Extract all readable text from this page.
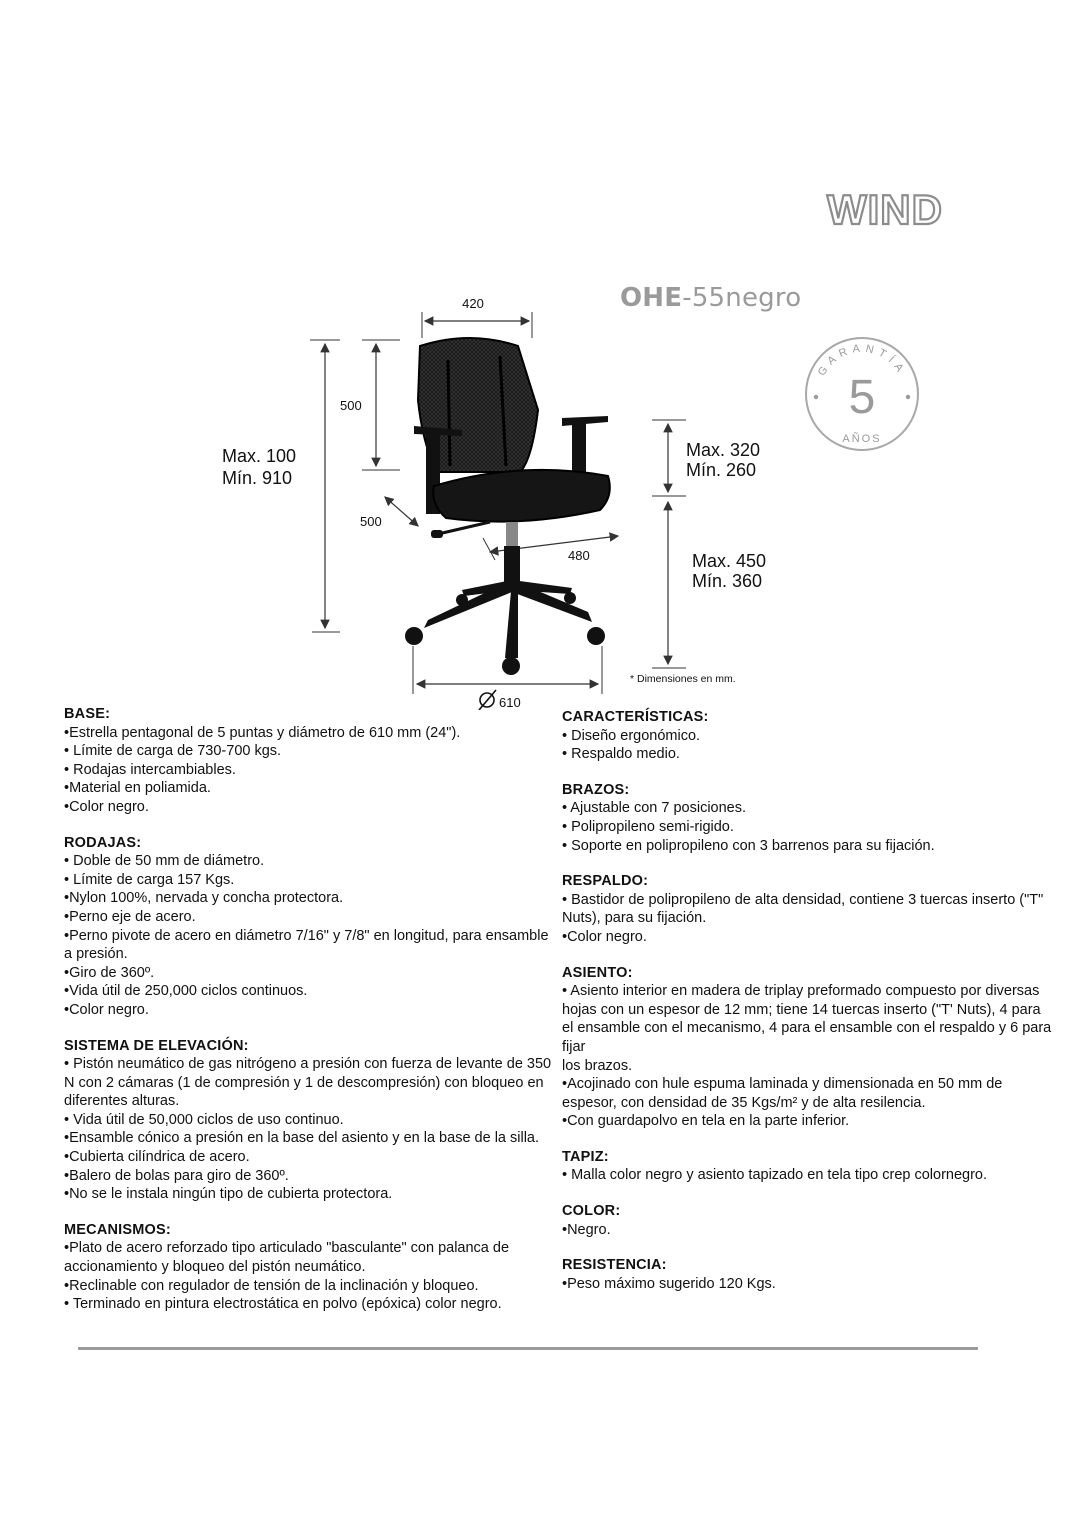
WIND
OHE-55negro
GARANTÍA
5
AÑOS
420
Max. 100
Mín. 910
500
500
480
Max. 320
Mín. 260
Max. 450
Mín. 360
610
* Dimensiones en mm.
BASE:

•Estrella pentagonal de 5 puntas y diámetro de 610 mm (24").

• Límite de carga de 730-700 kgs.

• Rodajas intercambiables.

•Material en poliamida.

•Color negro.

RODAJAS:

• Doble de 50 mm de diámetro.

• Límite de carga 157 Kgs.

•Nylon 100%, nervada y concha protectora.

•Perno eje de acero.

•Perno pivote de acero en diámetro 7/16" y 7/8" en longitud, para ensamble a presión.

•Giro de 360º.

•Vida útil de 250,000 ciclos continuos.

•Color negro.

SISTEMA DE ELEVACIÓN:

• Pistón neumático de gas nitrógeno a presión con fuerza de levante de 350 N con 2 cámaras (1 de compresión y 1 de descompresión) con bloqueo en diferentes alturas.

• Vida útil de 50,000 ciclos de uso continuo.

•Ensamble cónico a presión en la base del asiento y en la base de la silla.

•Cubierta cilíndrica de acero.

•Balero de bolas para giro de 360º.

•No se le instala ningún tipo de cubierta protectora.

MECANISMOS:

•Plato de acero reforzado tipo articulado "basculante" con palanca de accionamiento y bloqueo del pistón neumático.

•Reclinable con regulador de tensión de la inclinación y bloqueo.

• Terminado en pintura electrostática en polvo (epóxica) color negro.

CARACTERÍSTICAS:

• Diseño ergonómico.

• Respaldo medio.

BRAZOS:

• Ajustable con 7 posiciones.

• Polipropileno semi-rigido.

• Soporte en polipropileno con 3 barrenos para su fijación.

RESPALDO:

• Bastidor de polipropileno de alta densidad, contiene 3 tuercas inserto ("T" Nuts), para su fijación.

•Color negro.

ASIENTO:

• Asiento interior en madera de triplay preformado compuesto por diversas hojas con un espesor de 12 mm; tiene 14 tuercas inserto ("T' Nuts), 4 para el ensamble con el mecanismo, 4 para el ensamble con el respaldo y 6 para fijar

los brazos.

•Acojinado con hule espuma laminada y dimensionada en 50 mm de espesor, con densidad de 35 Kgs/m² y de alta resilencia.

•Con guardapolvo en tela en la parte inferior.

TAPIZ:

• Malla color negro y asiento tapizado en tela tipo crep colornegro.

COLOR:

•Negro.

RESISTENCIA:

•Peso máximo sugerido 120 Kgs.
